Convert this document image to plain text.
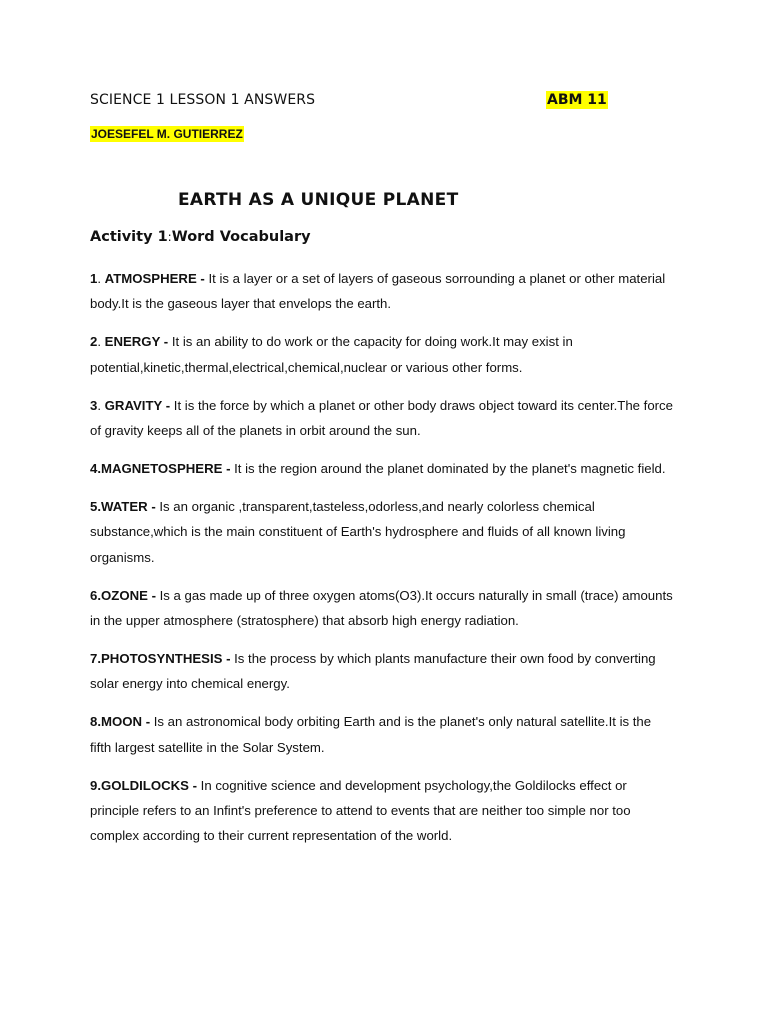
SCIENCE 1 LESSON 1 ANSWERS	ABM 11
JOESEFEL M. GUTIERREZ
EARTH AS A UNIQUE PLANET
Activity 1:Word Vocabulary
1. ATMOSPHERE - It is a layer or a set of layers of gaseous sorrounding a planet or other material body.It is the gaseous layer that envelops the earth.
2. ENERGY - It is an ability to do work or the capacity for doing work.It may exist in potential,kinetic,thermal,electrical,chemical,nuclear or various other forms.
3. GRAVITY - It is the force by which a planet or other body draws object toward its center.The force of gravity keeps all of the planets in orbit around the sun.
4.MAGNETOSPHERE - It is the region around the planet dominated by the planet's magnetic field.
5.WATER - Is an organic ,transparent,tasteless,odorless,and nearly colorless chemical substance,which is the main constituent of Earth's hydrosphere and fluids of all known living organisms.
6.OZONE - Is a gas made up of three oxygen atoms(O3).It occurs naturally in small (trace) amounts in the upper atmosphere (stratosphere) that absorb high energy radiation.
7.PHOTOSYNTHESIS - Is the process by which plants manufacture their own food by converting solar energy into chemical energy.
8.MOON - Is an astronomical body orbiting Earth and is the planet's only natural satellite.It is the fifth largest satellite in the Solar System.
9.GOLDILOCKS - In cognitive science and development psychology,the Goldilocks effect or principle refers to an Infint's preference to attend to events that are neither too simple nor too complex according to their current representation of the world.
